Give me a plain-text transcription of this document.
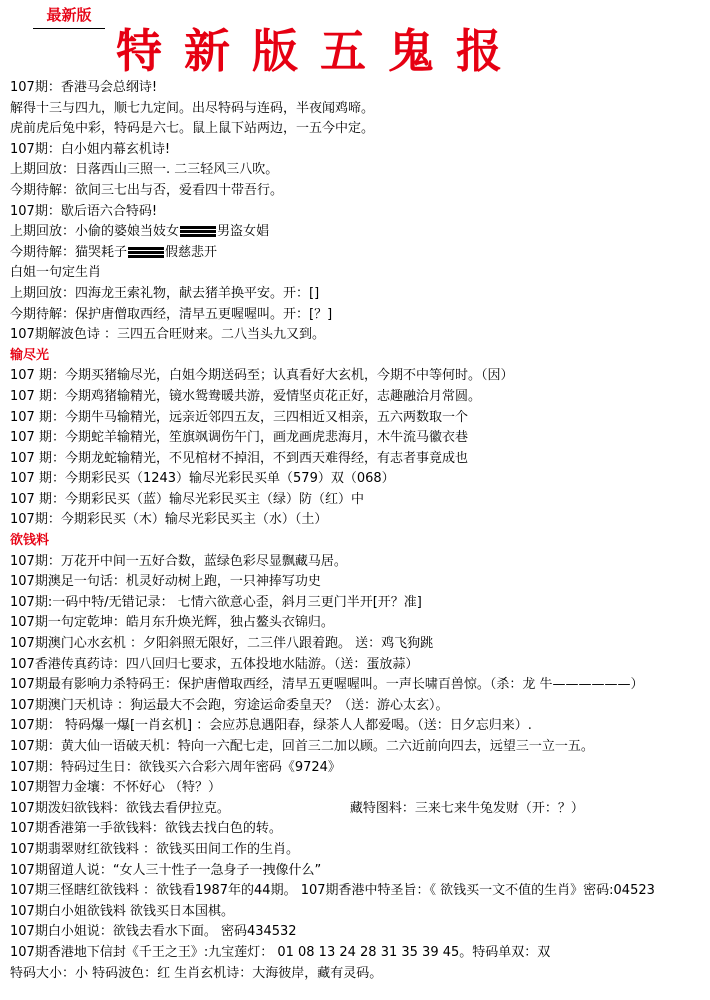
最新版
特新版五鬼报
107期：香港马会总纲诗!
解得十三与四九，顺七九定间。出尽特码与连码，半夜闻鸡啼。
虎前虎后兔中彩，特码是六七。鼠上鼠下站两边，一五今中定。
107期：白小姐内幕玄机诗!
上期回放：日落西山三照一. 二三轻风三八吹。
今期待解：欲间三七出与否，爱看四十带吾行。
107期：歇后语六合特码!
上期回放：小偷的婆娘当妓女	男盗女娼
今期待解：猫哭耗子	假慈悲开
白姐一句定生肖
上期回放：四海龙王索礼物，献去猪羊换平安。开：[]
今期待解：保护唐僧取西经，清早五更喔喔叫。开：[？]
107期解波色诗 ：三四五合旺财来。二八当头九又到。
输尽光
107 期：今期买猪输尽光，白姐今期送码至；认真看好大玄机，今期不中等何时。（因）
107 期：今期鸡猪输精光，镜水鸳鸯暖共游，爱情坚贞花正好，志趣融洽月常圆。
107 期：今期牛马输精光，远亲近邻四五友，三四相近又相亲，五六两数取一个
107 期：今期蛇羊输精光，笙旗飒调伤午门，画龙画虎悲海月，木牛流马徽衣巷
107 期：今期龙蛇输精光，不见棺材不掉泪，不到西天难得经，有志者事竟成也
107 期：今期彩民买（1243）输尽光彩民买单（579）双（068）
107 期：今期彩民买（蓝）输尽光彩民买主（绿）防（红）中
107期：今期彩民买（木）输尽光彩民买主（水）（土）
欲钱料
107期：万花开中间一五好合数，蓝绿色彩尽显飘藏马居。
107期澳足一句话：机灵好动树上跑，一只神捧写功史
107期:一码中特/无错记录： 七情六欲意心歪，斜月三更门半开[开？准]
107期一句定乾坤：皓月东升焕光辉，独占鳌头衣锦归。
107期澳门心水玄机 ：夕阳斜照无限好，二三伴八跟着跑。 送：鸡飞狗跳
107香港传真药诗：四八回归七要求，五体投地水陆游。（送：蛋放蒜）
107期最有影响力杀特码王：保护唐僧取西经，清早五更喔喔叫。一声长啸百兽惊。（杀：龙 牛——————）
107期澳门天机诗 ：狗运最大不会跑，穷途运命委皇天？（送：游心太玄）。
107期： 特码爆一爆[一肖玄机] ：会应苏息遇阳春，绿茶人人都爱喝。（送：日夕忘归来）.
107期：黄大仙一语破天机：特向一六配七走，回首三二加以顾。二六近前向四去，远望三一立一五。
107期：特码过生日：欲钱买六合彩六周年密码《9724》
107期智力金壤：不怀好心 （特？）
107期泼妇欲钱料：欲钱去看伊拉克。	藏特图料：三来七来牛兔发财（开：？）
107期香港第一手欲钱料：欲钱去找白色的转。
107期翡翠财红欲钱料 ：欲钱买田间工作的生肖。
107期留道人说：“女人三十性子一急身子一拽像什么”
107期三怪瞎红欲钱料 ：欲钱看1987年的44期。 107期香港中特圣旨：《 欲钱买一文不值的生肖》密码:04523
107期白小姐欲钱料 欲钱买日本国棋。
107期白小姐说：欲钱去看水下面。 密码434532
107期香港地下信封《千王之王》:九宝莲灯： 01 08 13 24 28 31 35 39 45。特码单双：双
特码大小：小 特码波色：红 生肖玄机诗：大海彼岸，藏有灵码。
